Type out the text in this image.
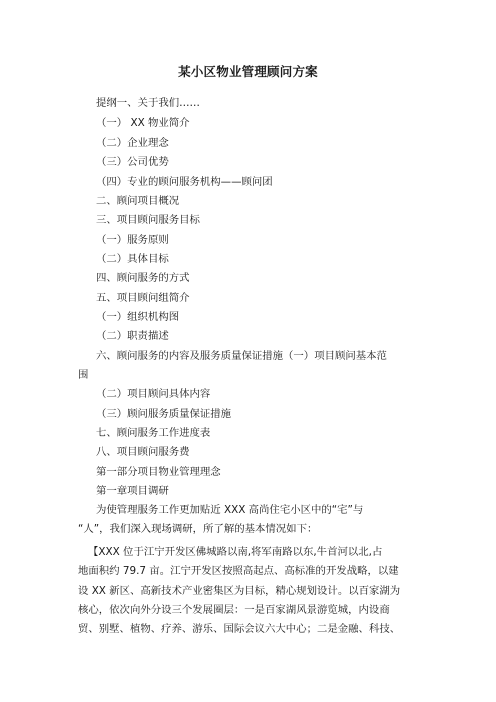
某小区物业管理顾问方案
提纲一、关于我们……
（一） XX 物业简介
（二）企业理念
（三）公司优势
（四）专业的顾问服务机构——顾问团
二、顾问项目概况
三、项目顾问服务目标
（一）服务原则
（二）具体目标
四、顾问服务的方式
五、项目顾问组简介
（一）组织机构图
（二）职责描述
六、顾问服务的内容及服务质量保证措施（一）项目顾问基本范
围
（二）项目顾问具体内容
（三）顾问服务质量保证措施
七、顾问服务工作进度表
八、项目顾问服务费
第一部分项目物业管理理念
第一章项目调研
为使管理服务工作更加贴近 XXX 高尚住宅小区中的“宅”与
“人”，我们深入现场调研，所了解的基本情况如下：
【XXX 位于江宁开发区佛城路以南,将军南路以东,牛首河以北,占
地面积约 79.7 亩。江宁开发区按照高起点、高标准的开发战略，以建
设 XX 新区、高新技术产业密集区为目标，精心规划设计。以百家湖为
核心，依次向外分设三个发展圈层：一是百家湖风景游览城，内设商
贸、别墅、植物、疗养、游乐、国际会议六大中心；二是金融、科技、
